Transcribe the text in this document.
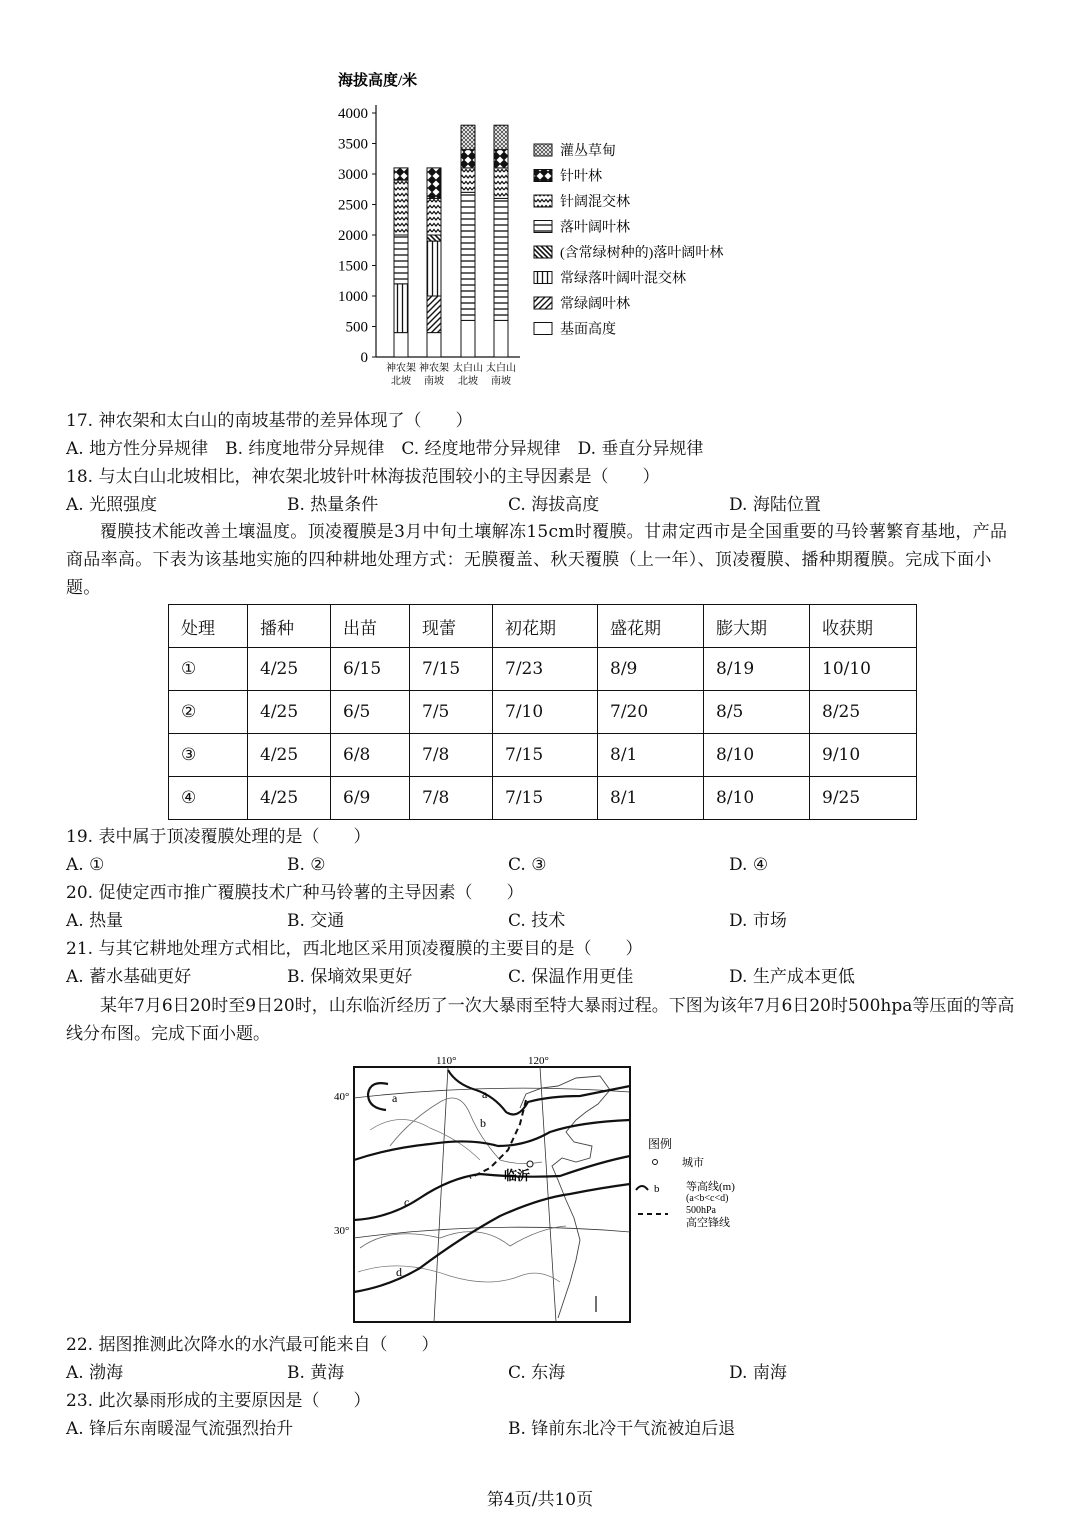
海拔高度/米
0
500
1000
1500
2000
2500
3000
3500
4000
神农架
北坡
神农架
南坡
太白山
北坡
太白山
南坡
灌丛草甸
针叶林
针阔混交林
落叶阔叶林
(含常绿树种的)落叶阔叶林
常绿落叶阔叶混交林
常绿阔叶林
基面高度
17. 神农架和太白山的南坡基带的差异体现了（　　）
A. 地方性分异规律　B. 纬度地带分异规律　C. 经度地带分异规律　D. 垂直分异规律
18. 与太白山北坡相比，神农架北坡针叶林海拔范围较小的主导因素是（　　）
A. 光照强度	B. 热量条件	C. 海拔高度	D. 海陆位置
覆膜技术能改善土壤温度。顶凌覆膜是3月中旬土壤解冻15cm时覆膜。甘肃定西市是全国重要的马铃薯繁育基地，产品商品率高。下表为该基地实施的四种耕地处理方式：无膜覆盖、秋天覆膜（上一年）、顶凌覆膜、播种期覆膜。完成下面小题。
处理	播种	出苗	现蕾	初花期	盛花期	膨大期	收获期
①	4/25	6/15	7/15	7/23	8/9	8/19	10/10
②	4/25	6/5	7/5	7/10	7/20	8/5	8/25
③	4/25	6/8	7/8	7/15	8/1	8/10	9/10
④	4/25	6/9	7/8	7/15	8/1	8/10	9/25
19. 表中属于顶凌覆膜处理的是（　　）
A. ①	B. ②	C. ③	D. ④
20. 促使定西市推广覆膜技术广种马铃薯的主导因素（　　）
A. 热量	B. 交通	C. 技术	D. 市场
21. 与其它耕地处理方式相比，西北地区采用顶凌覆膜的主要目的是（　　）
A. 蓄水基础更好	B. 保墒效果更好	C. 保温作用更佳	D. 生产成本更低
某年7月6日20时至9日20时，山东临沂经历了一次大暴雨至特大暴雨过程。下图为该年7月6日20时500hpa等压面的等高线分布图。完成下面小题。
110°	120°
40°
30°
a	a
b
c
d
临沂
图例
城市
b 等高线(m)
(a<b<c<d)
500hPa
高空锋线
22. 据图推测此次降水的水汽最可能来自（　　）
A. 渤海	B. 黄海	C. 东海	D. 南海
23. 此次暴雨形成的主要原因是（　　）
A. 锋后东南暖湿气流强烈抬升	B. 锋前东北冷干气流被迫后退
第4页/共10页
